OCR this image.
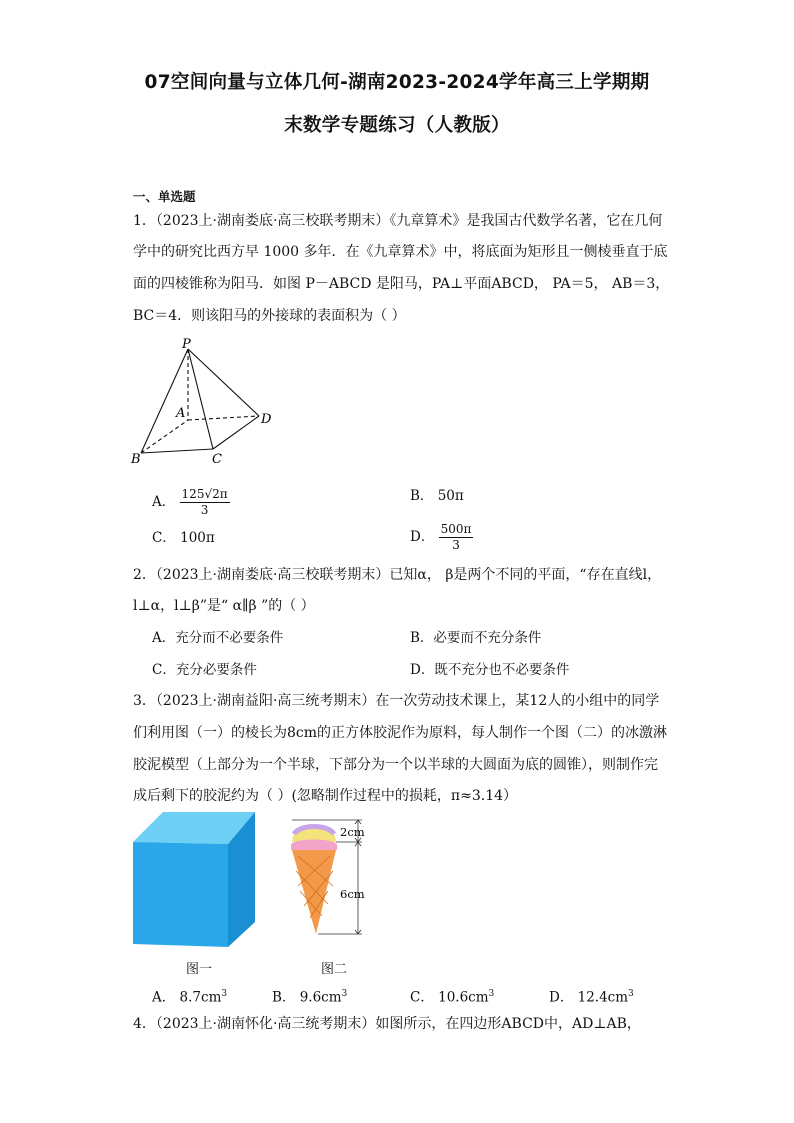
07空间向量与立体几何-湖南2023-2024学年高三上学期期
末数学专题练习（人教版）
一、单选题
1．（2023上·湖南娄底·高三校联考期末）《九章算术》是我国古代数学名著，它在几何
学中的研究比西方早 1000 多年．在《九章算术》中，将底面为矩形且一侧棱垂直于底
面的四棱锥称为阳马．如图 P－ABCD 是阳马，PA⊥平面ABCD， PA＝5， AB＝3，
BC＝4．则该阳马的外接球的表面积为（ ）
P
A	D
B	C
A． $\frac{125√2\pi}{3}$	B． 50π
C． 100π	D． $\frac{500\pi}{3}$
2．（2023上·湖南娄底·高三校联考期末）已知α， β是两个不同的平面，“存在直线l，
l⊥α，l⊥β”是“ α∥β ”的（ ）
A．充分而不必要条件	B．必要而不充分条件
C．充分必要条件	D．既不充分也不必要条件
3．（2023上·湖南益阳·高三统考期末）在一次劳动技术课上，某12人的小组中的同学
们利用图（一）的棱长为8cm的正方体胶泥作为原料，每人制作一个图（二）的冰激淋
胶泥模型（上部分为一个半球，下部分为一个以半球的大圆面为底的圆锥），则制作完
成后剩下的胶泥约为（ ）(忽略制作过程中的损耗，π≈3.14）
2cm
6cm
图一	图二
A． $8.7cm^3$	B． $9.6cm^3$	C． $10.6cm^3$	D． $12.4cm^3$
4．（2023上·湖南怀化·高三统考期末）如图所示，在四边形ABCD中，AD⊥AB，
